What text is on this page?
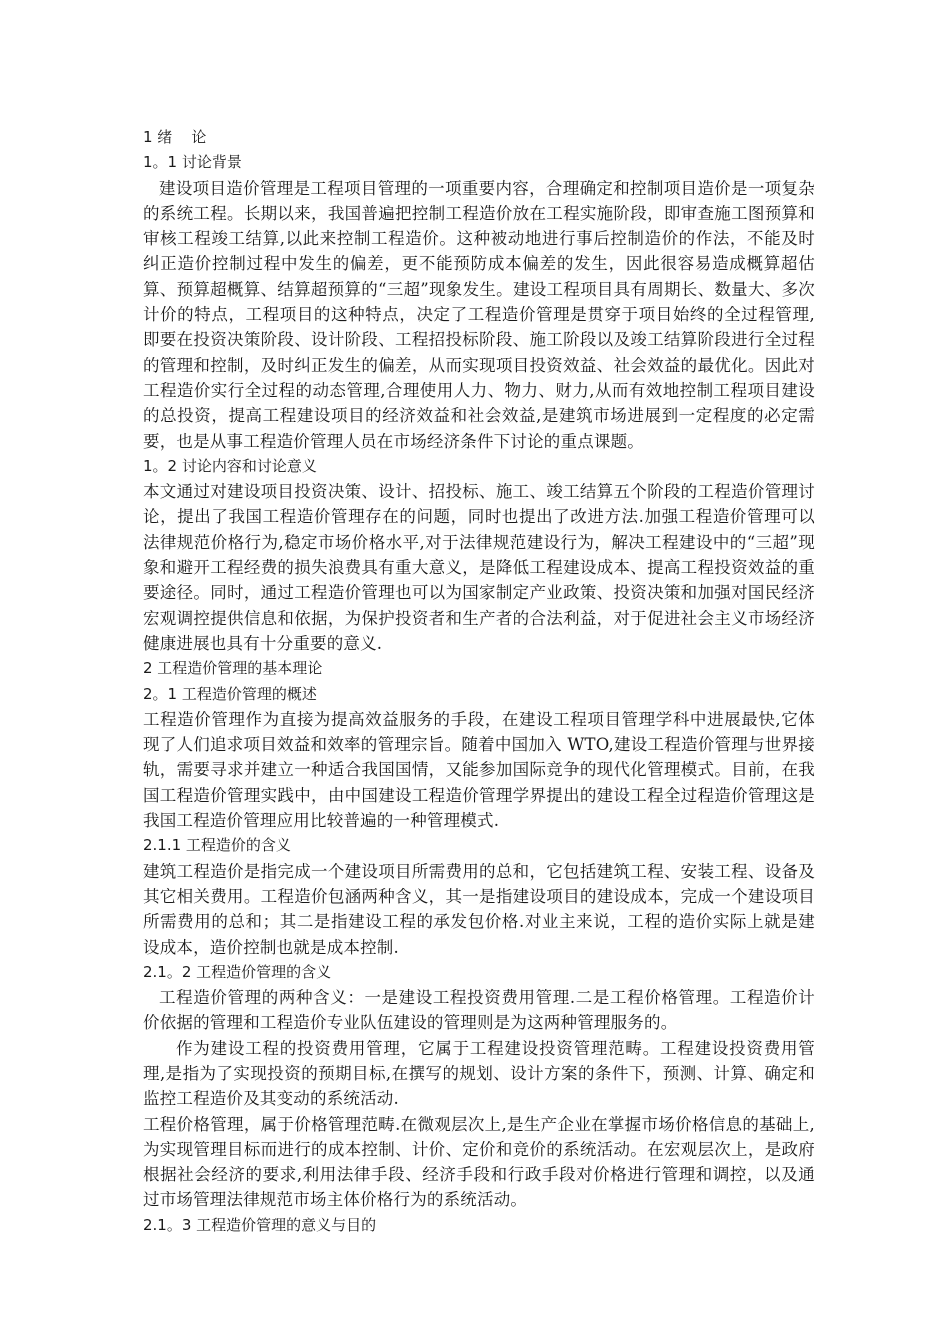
1 绪    论
1。1 讨论背景

建设项目造价管理是工程项目管理的一项重要内容，合理确定和控制项目造价是一项复杂的系统工程。长期以来，我国普遍把控制工程造价放在工程实施阶段，即审查施工图预算和审核工程竣工结算,以此来控制工程造价。这种被动地进行事后控制造价的作法，不能及时纠正造价控制过程中发生的偏差，更不能预防成本偏差的发生，因此很容易造成概算超估算、预算超概算、结算超预算的“三超”现象发生。建设工程项目具有周期长、数量大、多次计价的特点，工程项目的这种特点，决定了工程造价管理是贯穿于项目始终的全过程管理,即要在投资决策阶段、设计阶段、工程招投标阶段、施工阶段以及竣工结算阶段进行全过程的管理和控制，及时纠正发生的偏差，从而实现项目投资效益、社会效益的最优化。因此对工程造价实行全过程的动态管理,合理使用人力、物力、财力,从而有效地控制工程项目建设的总投资，提高工程建设项目的经济效益和社会效益,是建筑市场进展到一定程度的必定需要，也是从事工程造价管理人员在市场经济条件下讨论的重点课题。

1。2 讨论内容和讨论意义

本文通过对建设项目投资决策、设计、招投标、施工、竣工结算五个阶段的工程造价管理讨论，提出了我国工程造价管理存在的问题，同时也提出了改进方法.加强工程造价管理可以法律规范价格行为,稳定市场价格水平,对于法律规范建设行为，解决工程建设中的“三超”现象和避开工程经费的损失浪费具有重大意义，是降低工程建设成本、提高工程投资效益的重要途径。同时，通过工程造价管理也可以为国家制定产业政策、投资决策和加强对国民经济宏观调控提供信息和依据，为保护投资者和生产者的合法利益，对于促进社会主义市场经济健康进展也具有十分重要的意义.

2 工程造价管理的基本理论
2。1 工程造价管理的概述

工程造价管理作为直接为提高效益服务的手段，在建设工程项目管理学科中进展最快,它体现了人们追求项目效益和效率的管理宗旨。随着中国加入 WTO,建设工程造价管理与世界接轨，需要寻求并建立一种适合我国国情，又能参加国际竞争的现代化管理模式。目前，在我国工程造价管理实践中，由中国建设工程造价管理学界提出的建设工程全过程造价管理这是我国工程造价管理应用比较普遍的一种管理模式.

2.1.1 工程造价的含义

建筑工程造价是指完成一个建设项目所需费用的总和，它包括建筑工程、安装工程、设备及其它相关费用。工程造价包涵两种含义，其一是指建设项目的建设成本，完成一个建设项目所需费用的总和；其二是指建设工程的承发包价格.对业主来说，工程的造价实际上就是建设成本，造价控制也就是成本控制.

2.1。2 工程造价管理的含义

工程造价管理的两种含义：一是建设工程投资费用管理.二是工程价格管理。工程造价计价依据的管理和工程造价专业队伍建设的管理则是为这两种管理服务的。

作为建设工程的投资费用管理，它属于工程建设投资管理范畴。工程建设投资费用管理,是指为了实现投资的预期目标,在撰写的规划、设计方案的条件下，预测、计算、确定和监控工程造价及其变动的系统活动.

工程价格管理，属于价格管理范畴.在微观层次上,是生产企业在掌握市场价格信息的基础上,为实现管理目标而进行的成本控制、计价、定价和竞价的系统活动。在宏观层次上，是政府根据社会经济的要求,利用法律手段、经济手段和行政手段对价格进行管理和调控，以及通过市场管理法律规范市场主体价格行为的系统活动。

2.1。3 工程造价管理的意义与目的
